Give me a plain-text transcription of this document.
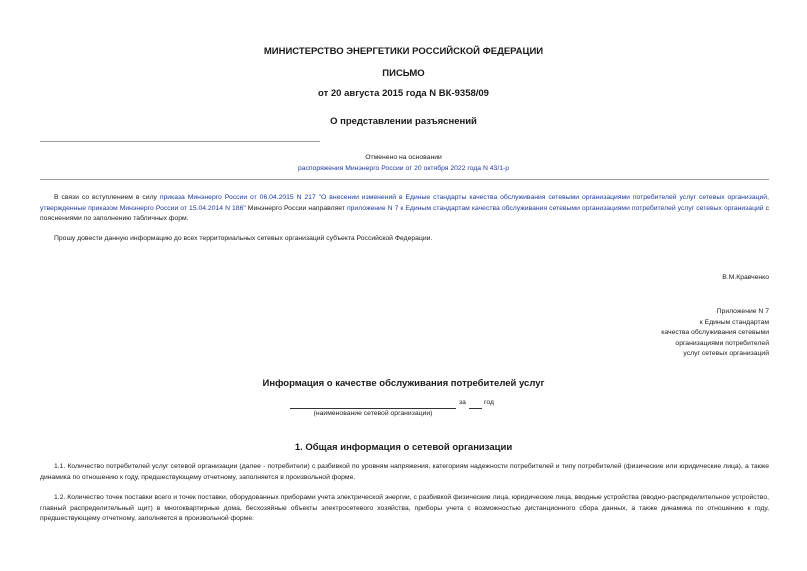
МИНИСТЕРСТВО ЭНЕРГЕТИКИ РОССИЙСКОЙ ФЕДЕРАЦИИ
ПИСЬМО
от 20 августа 2015 года N ВК-9358/09
О представлении разъяснений
Отменено на основании
распоряжения Минэнерго России от 20 октября 2022 года N 43/1-р
В связи со вступлением в силу приказа Минэнерго России от 06.04.2015 N 217 "О внесении изменений в Единые стандарты качества обслуживания сетевыми организациями потребителей услуг сетевых организаций, утвержденные приказом Минэнерго России от 15.04.2014 N 186" Минэнерго России направляет приложение N 7 к Единым стандартам качества обслуживания сетевыми организациями потребителей услуг сетевых организаций с пояснениями по заполнению табличных форм.
Прошу довести данную информацию до всех территориальных сетевых организаций субъекта Российской Федерации.
В.М.Кравченко
Приложение N 7
к Единым стандартам
качества обслуживания сетевыми
организациями потребителей
услуг сетевых организаций
Информация о качестве обслуживания потребителей услуг
за	год
(наименование сетевой организации)
1. Общая информация о сетевой организации
1.1. Количество потребителей услуг сетевой организации (далее - потребители) с разбивкой по уровням напряжения, категориям надежности потребителей и типу потребителей (физические или юридические лица), а также динамика по отношению к году, предшествующему отчетному, заполняется в произвольной форме.
1.2. Количество точек поставки всего и точек поставки, оборудованных приборами учета электрической энергии, с разбивкой физические лица, юридические лица, вводные устройства (вводно-распределительное устройство, главный распределительный щит) в многоквартирные дома, бесхозяйные объекты электросетевого хозяйства, приборы учета с возможностью дистанционного сбора данных, а также динамика по отношению к году, предшествующему отчетному, заполняется в произвольной форме.
